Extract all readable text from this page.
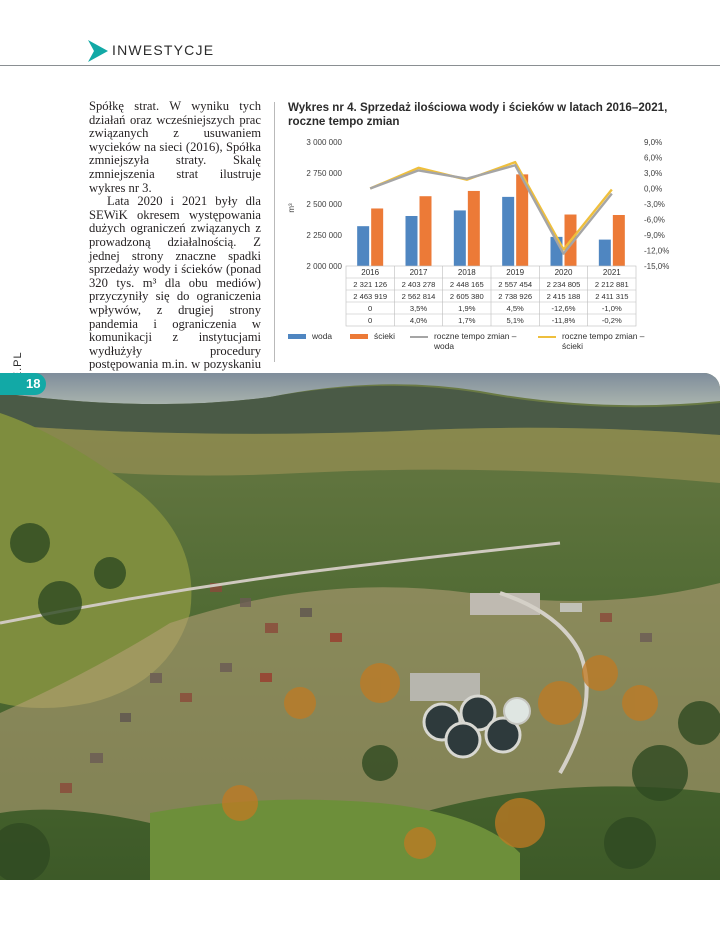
INWESTYCJE

Spółkę strat. W wyniku tych działań oraz wcześniejszych prac związanych z usuwaniem wycieków na sieci (2016), Spółka zmniejszyła straty. Skalę zmniejszenia strat ilustruje wykres nr 3.

Lata 2020 i 2021 były dla SEWiK okresem występowania dużych ograniczeń związanych z prowadzoną działalnością. Z jednej strony znaczne spadki sprzedaży wody i ścieków (ponad 320 tys. m³ dla obu mediów) przyczyniły się do ograniczenia wpływów, z drugiej strony pandemia i ograniczenia w komunikacji z instytucjami wydłużyły procedury postępowania m.in. w pozyskaniu

Wykres nr 4. Sprzedaż ilościowa wody i ścieków w latach 2016–2021, roczne tempo zmian
3 000 000
2 750 000
2 500 000
2 250 000
2 000 000
9,0%
6,0%
3,0%
0,0%
-3,0%
-6,0%
-9,0%
-12,0%
-15,0%
m³
2016
2 321 126
2 463 919
0
0
2017
2 403 278
2 562 814
3,5%
4,0%
2018
2 448 165
2 605 380
1,9%
1,7%
2019
2 557 454
2 738 926
4,5%
5,1%
2020
2 234 805
2 415 188
-12,6%
-11,8%
2021
2 212 881
2 411 315
-1,0%
-0,2%
woda	ścieki	roczne tempo zmian –
woda
roczne tempo zmian –
ścieki
18
